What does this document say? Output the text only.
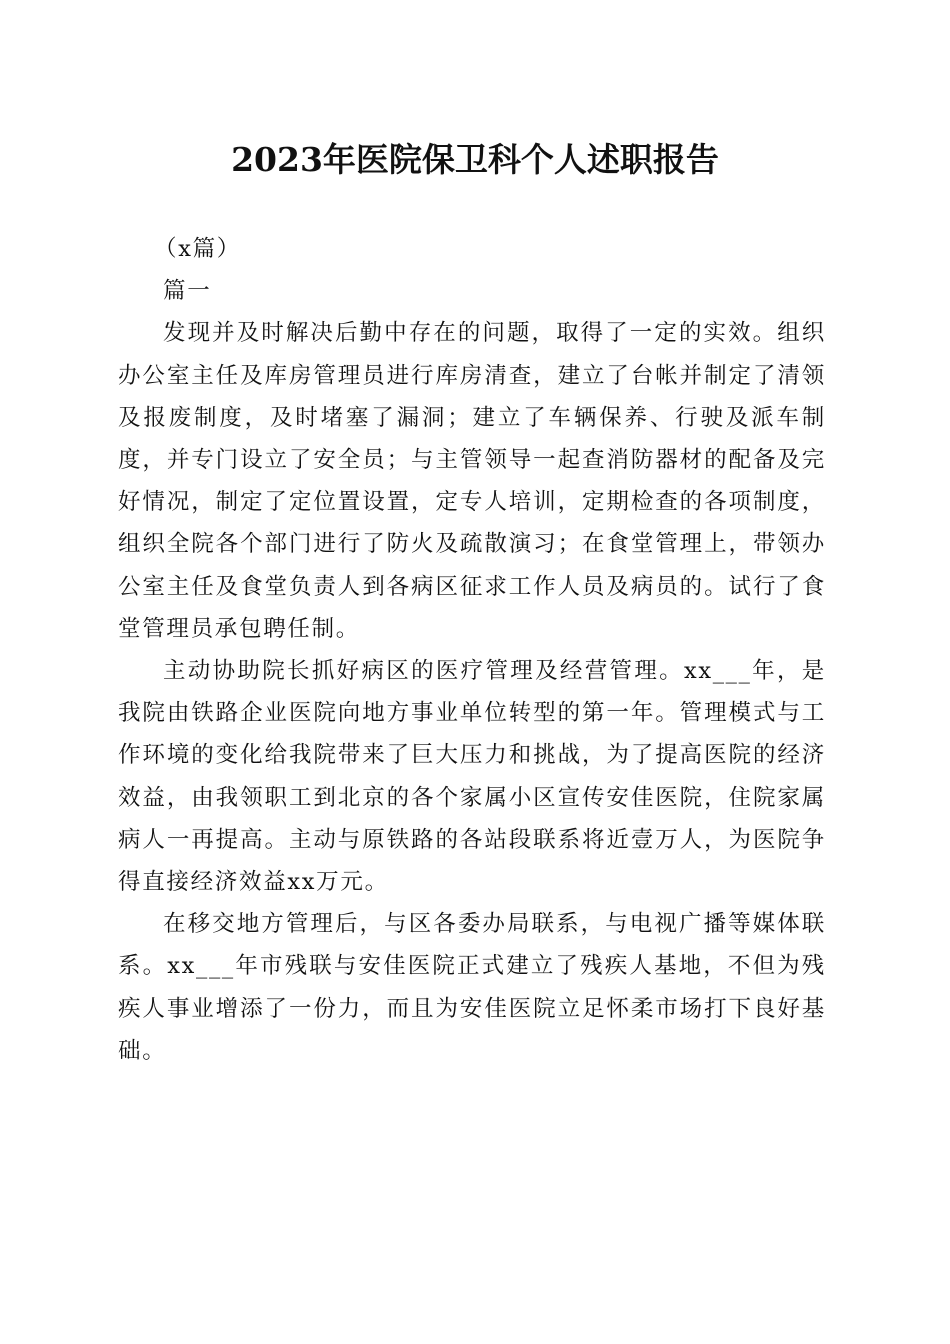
2023年医院保卫科个人述职报告

（x篇）

篇一

发现并及时解决后勤中存在的问题，取得了一定的实效。组织办公室主任及库房管理员进行库房清查，建立了台帐并制定了清领及报废制度，及时堵塞了漏洞；建立了车辆保养、行驶及派车制度，并专门设立了安全员；与主管领导一起查消防器材的配备及完好情况，制定了定位置设置，定专人培训，定期检查的各项制度，组织全院各个部门进行了防火及疏散演习；在食堂管理上，带领办公室主任及食堂负责人到各病区征求工作人员及病员的。试行了食堂管理员承包聘任制。

主动协助院长抓好病区的医疗管理及经营管理。xx___年，是我院由铁路企业医院向地方事业单位转型的第一年。管理模式与工作环境的变化给我院带来了巨大压力和挑战，为了提高医院的经济效益，由我领职工到北京的各个家属小区宣传安佳医院，住院家属病人一再提高。主动与原铁路的各站段联系将近壹万人，为医院争得直接经济效益xx万元。

在移交地方管理后，与区各委办局联系，与电视广播等媒体联系。xx___年市残联与安佳医院正式建立了残疾人基地，不但为残疾人事业增添了一份力，而且为安佳医院立足怀柔市场打下良好基础。
